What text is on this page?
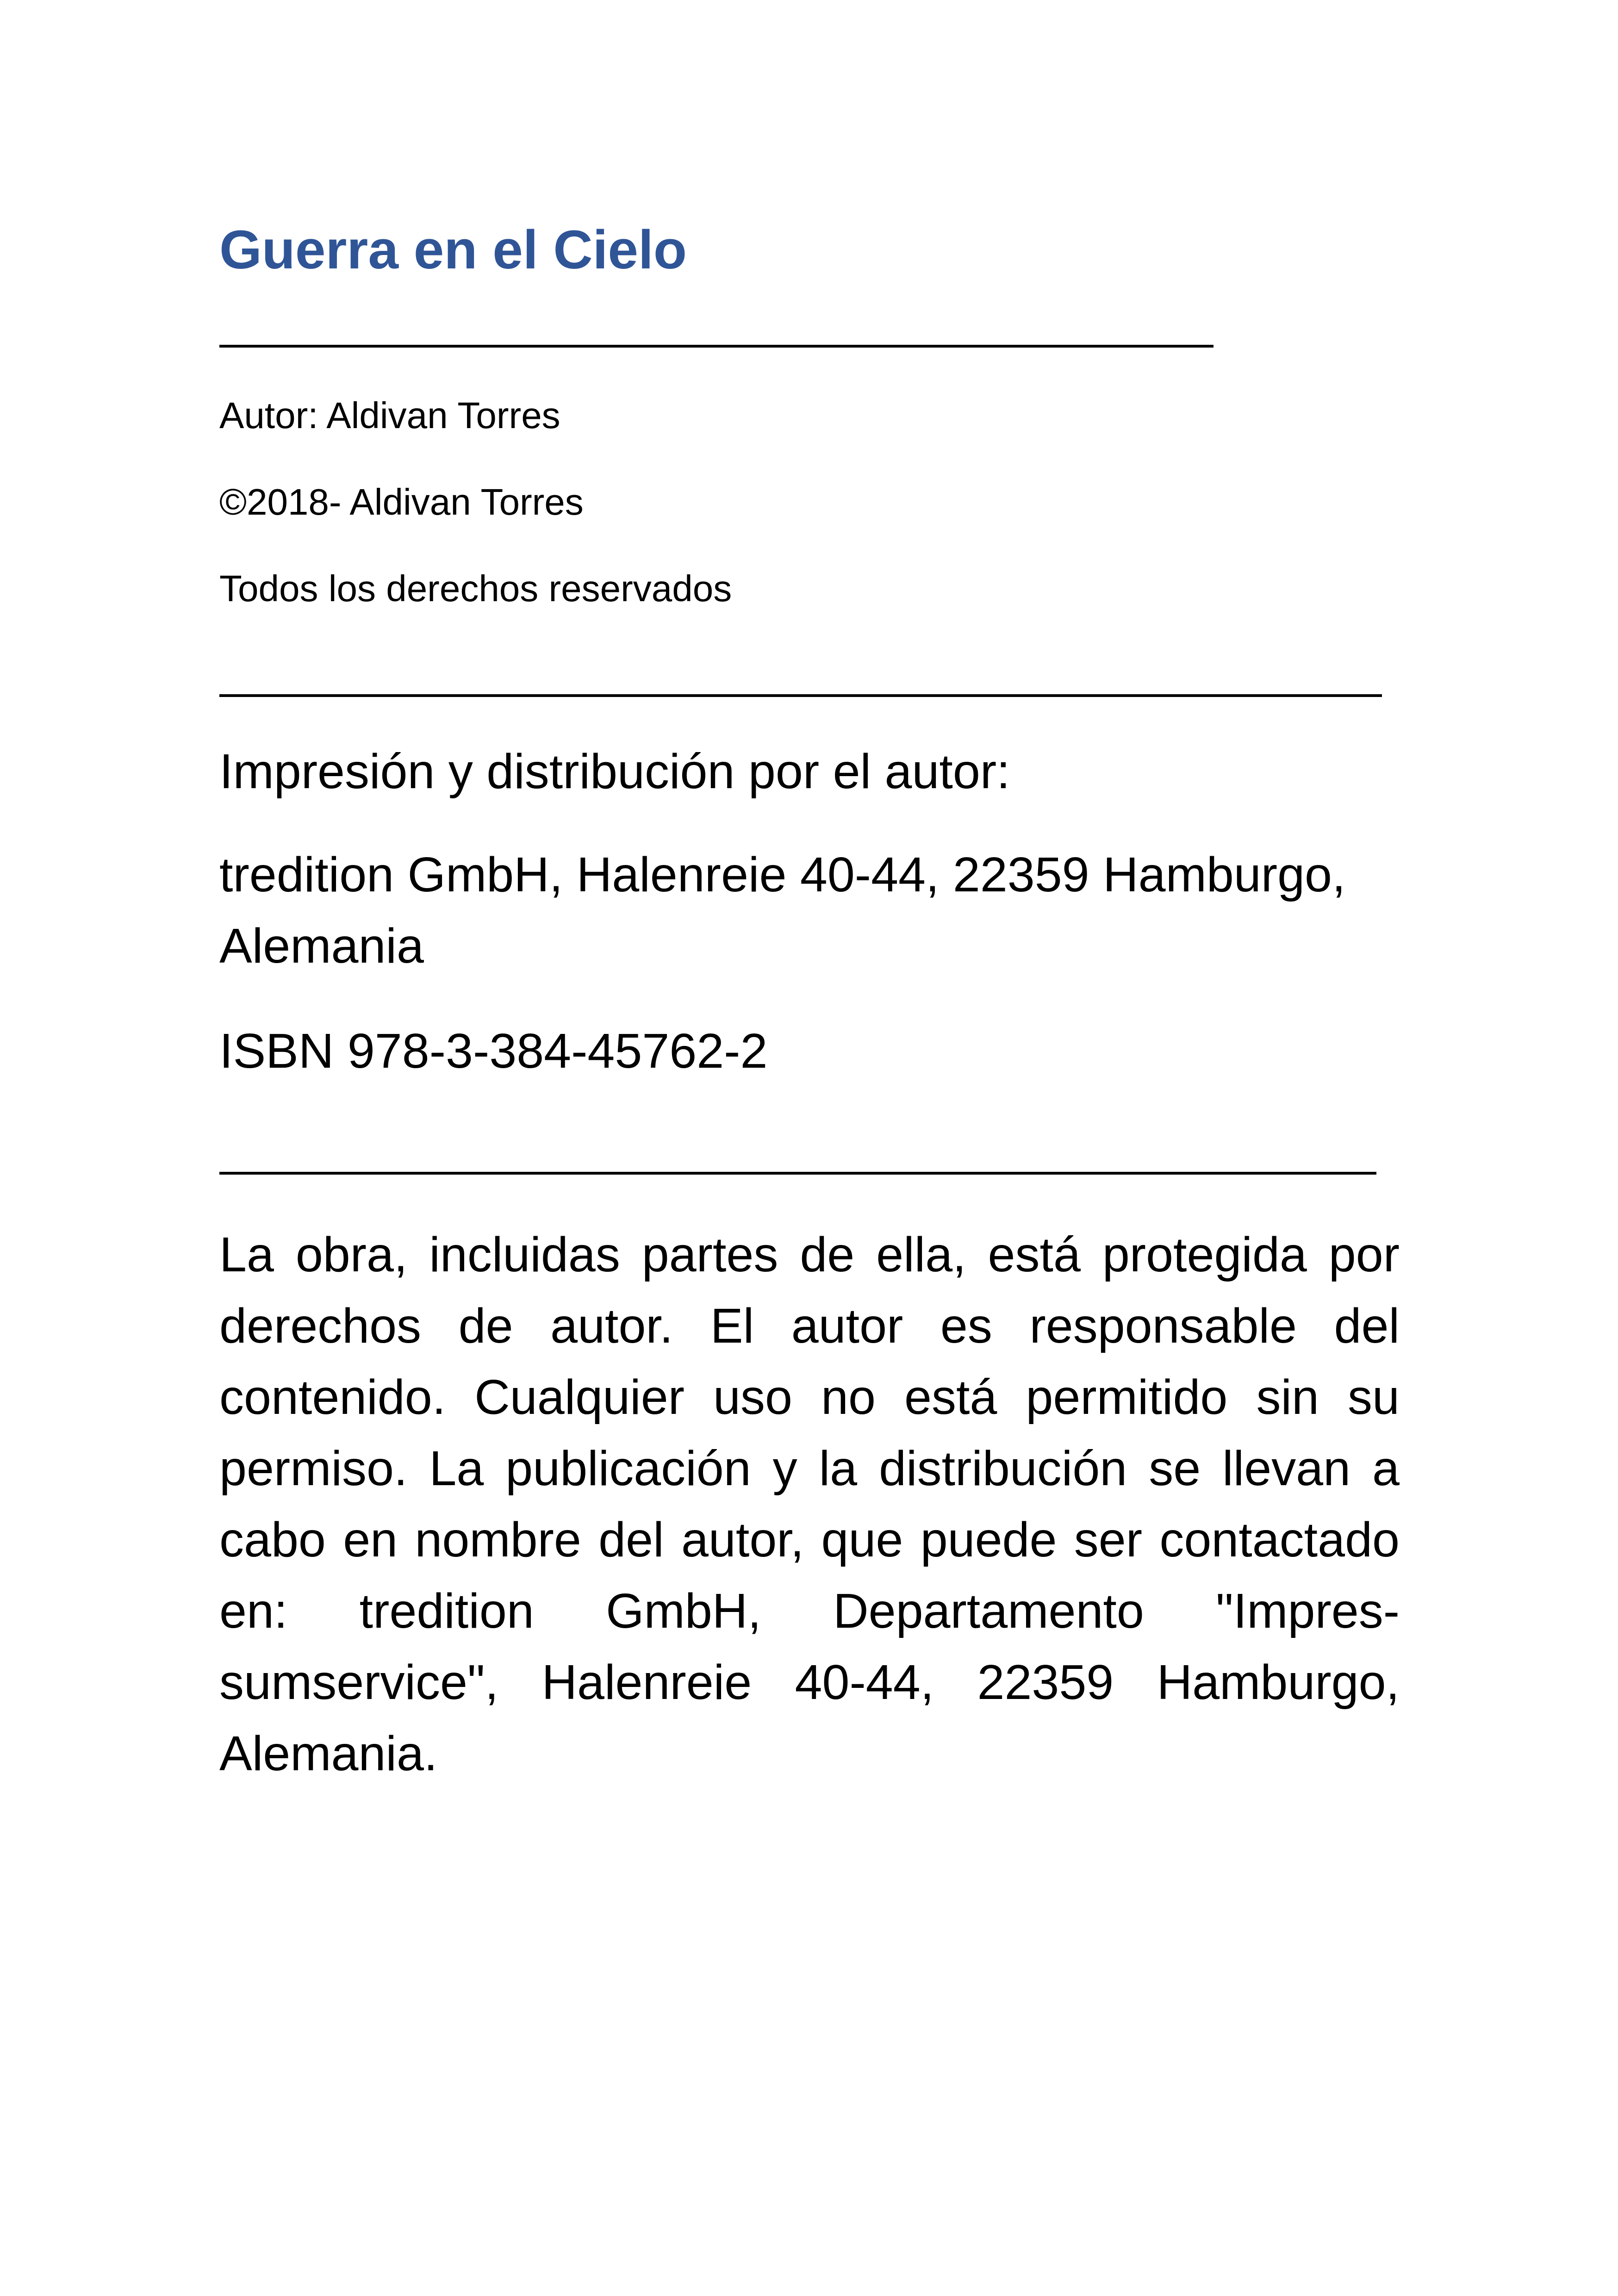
Guerra en el Cielo

Autor: Aldivan Torres

©2018- Aldivan Torres

Todos los derechos reservados

Impresión y distribución por el autor:

tredition GmbH, Halenreie 40-44, 22359 Hamburgo,

Alemania

ISBN 978-3-384-45762-2

La obra, incluidas partes de ella, está protegida por
derechos de autor. El autor es responsable del
contenido. Cualquier uso no está permitido sin su
permiso. La publicación y la distribución se llevan a
cabo en nombre del autor, que puede ser contactado
en: tredition GmbH, Departamento "Impres-
sumservice", Halenreie 40-44, 22359 Hamburgo,
Alemania.
